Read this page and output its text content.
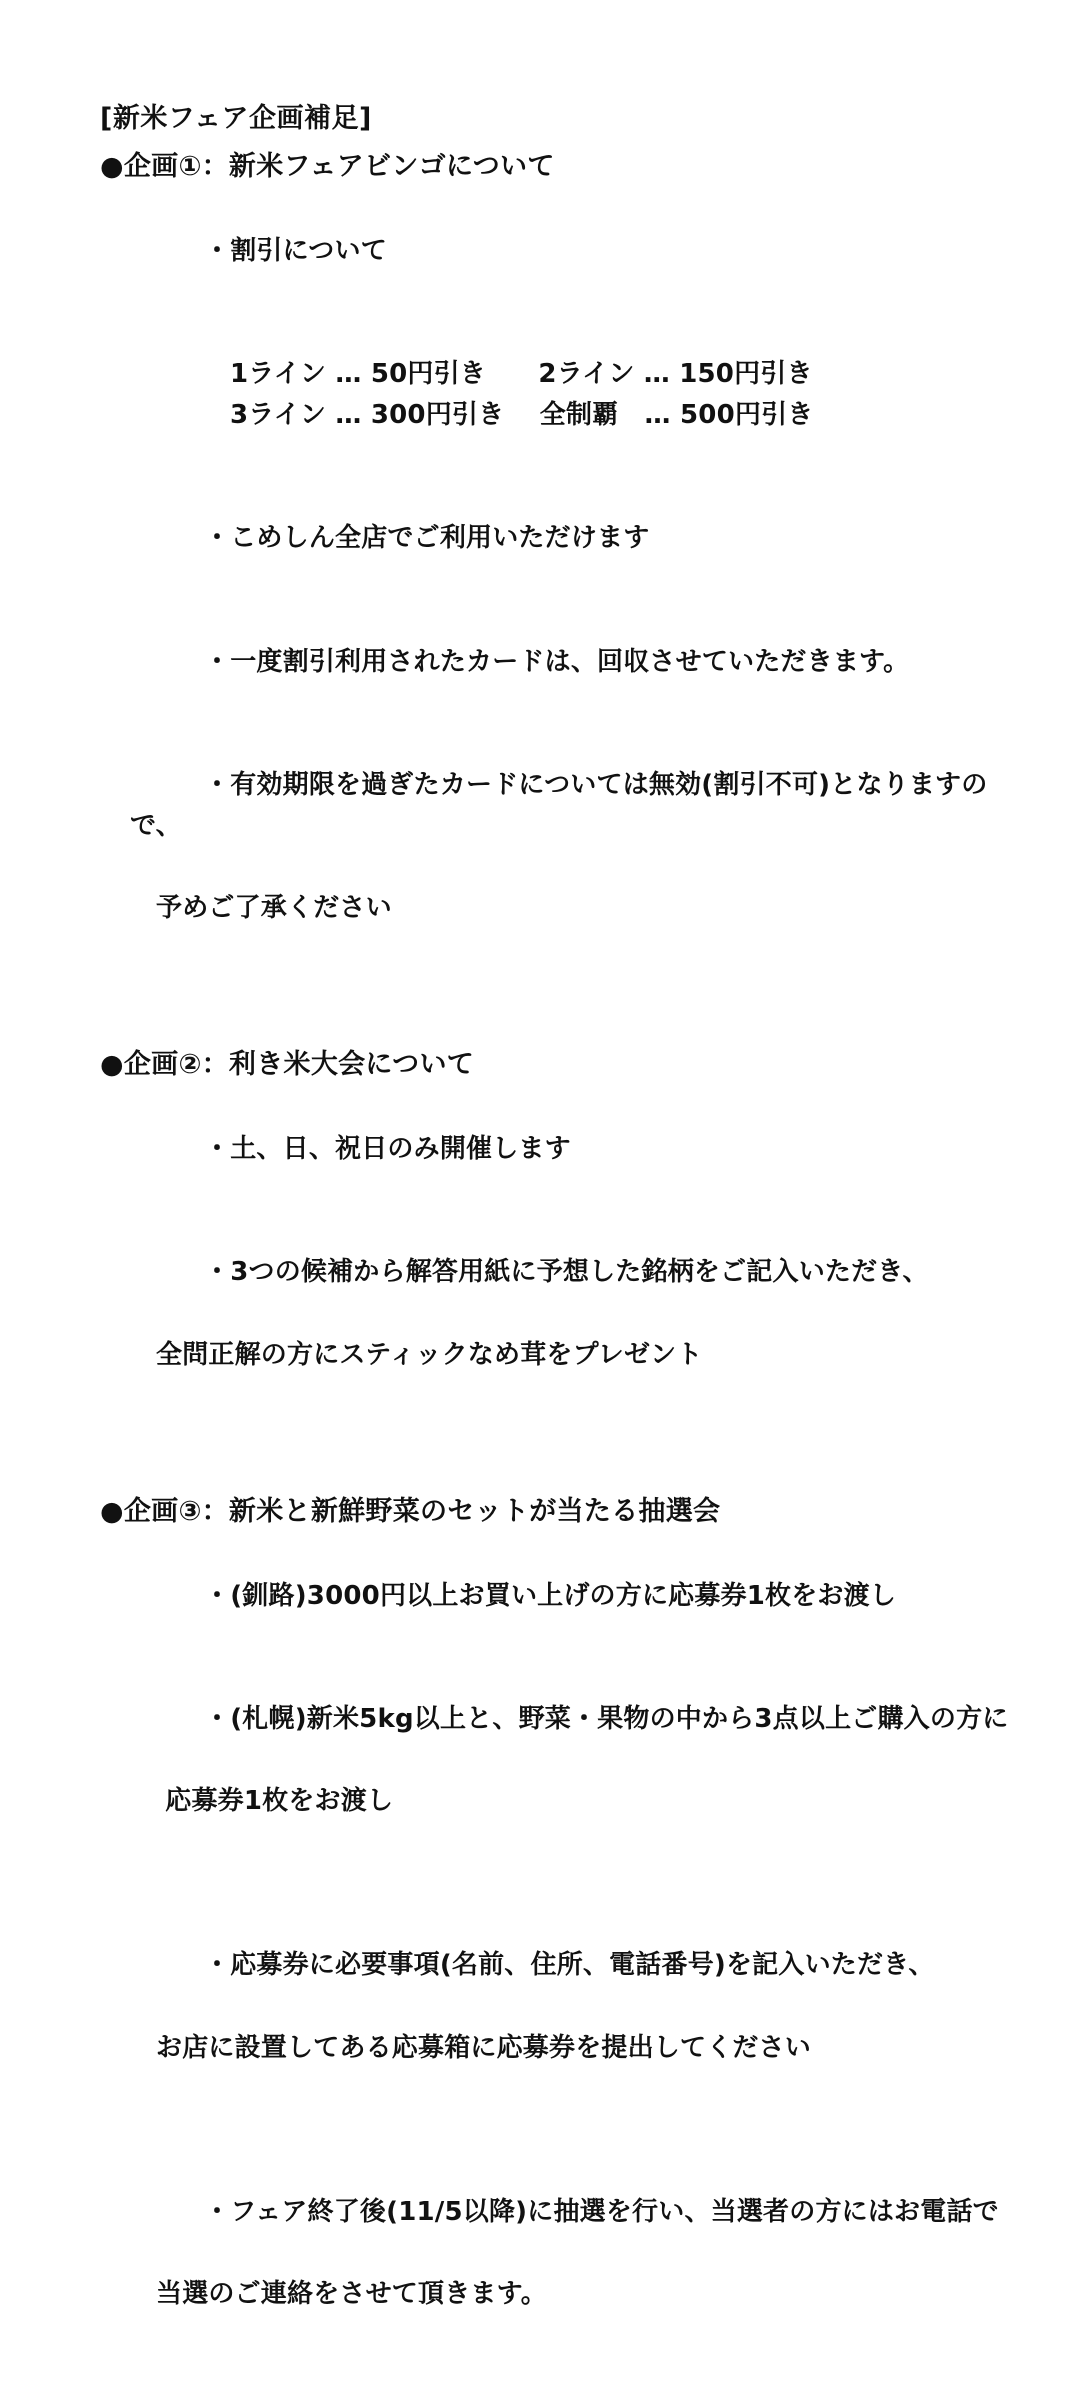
[新米フェア企画補足]
●企画①：新米フェアビンゴについて

・割引について

1ライン … 50円引き　　2ライン … 150円引き
3ライン … 300円引き　 全制覇　… 500円引き

・こめしん全店でご利用いただけます

・一度割引利用されたカードは、回収させていただきます。

・有効期限を過ぎたカードについては無効(割引不可)となりますので、

予めご了承ください

●企画②：利き米大会について

・土、日、祝日のみ開催します

・3つの候補から解答用紙に予想した銘柄をご記入いただき、

全問正解の方にスティックなめ茸をプレゼント

●企画③：新米と新鮮野菜のセットが当たる抽選会

・(釧路)3000円以上お買い上げの方に応募券1枚をお渡し

・(札幌)新米5kg以上と、野菜・果物の中から3点以上ご購入の方に

応募券1枚をお渡し

・応募券に必要事項(名前、住所、電話番号)を記入いただき、

お店に設置してある応募箱に応募券を提出してください

・フェア終了後(11/5以降)に抽選を行い、当選者の方にはお電話で

当選のご連絡をさせて頂きます。
